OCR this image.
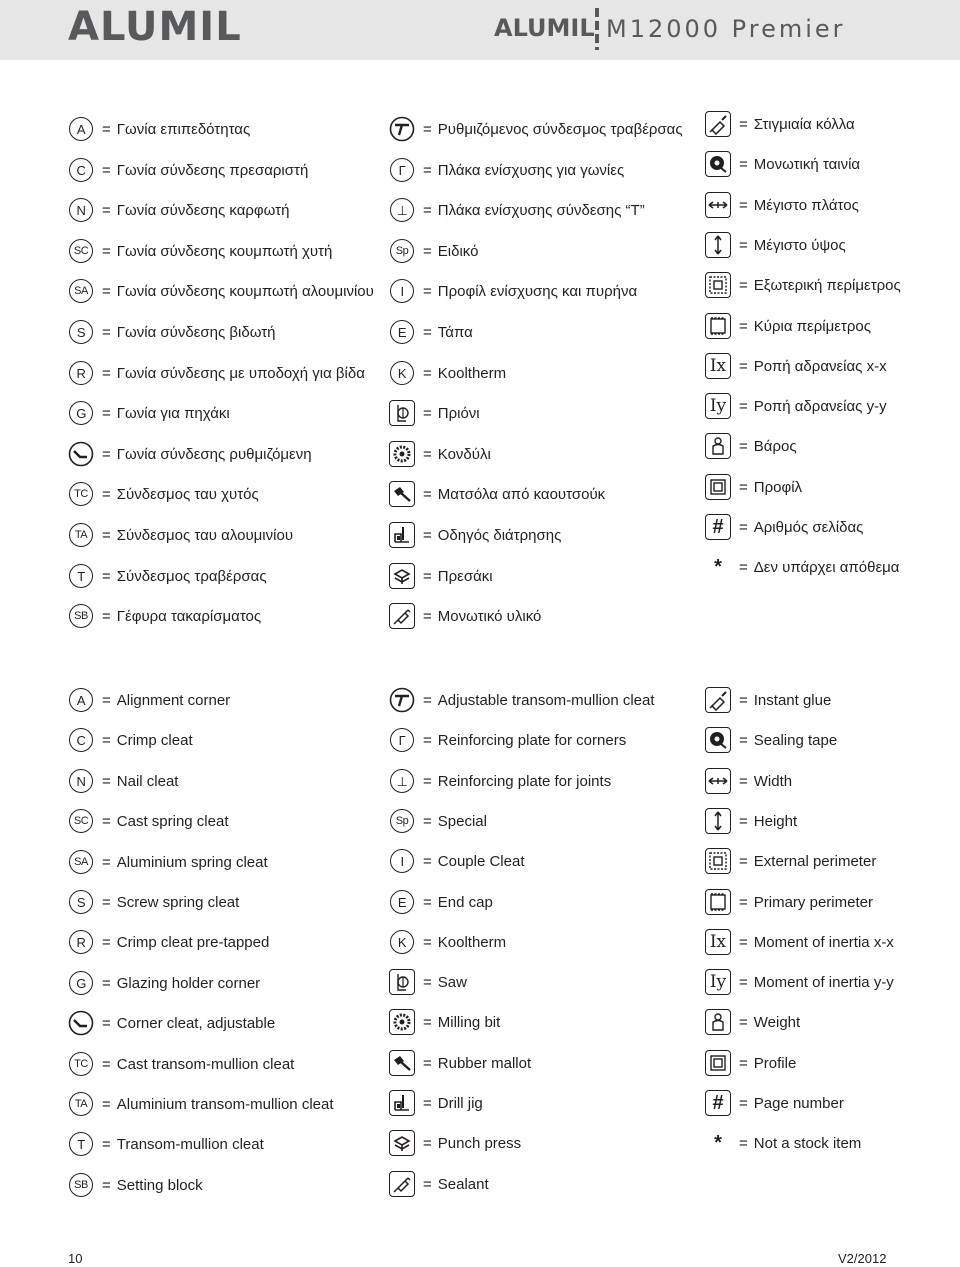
ALUMIL	ALUMIL M12000 Premier
A	= Γωνία επιπεδότητας
C	= Γωνία σύνδεσης πρεσαριστή
N	= Γωνία σύνδεσης καρφωτή
SC = Γωνία σύνδεσης κουμπωτή χυτή
SA = Γωνία σύνδεσης κουμπωτή αλουμινίου
S	= Γωνία σύνδεσης βιδωτή
R	= Γωνία σύνδεσης με υποδοχή για βίδα
G	= Γωνία για πηχάκι
= Γωνία σύνδεσης ρυθμιζόμενη
TC = Σύνδεσμος ταυ χυτός
TA = Σύνδεσμος ταυ αλουμινίου
T	= Σύνδεσμος τραβέρσας
SB = Γέφυρα τακαρίσματος
= Ρυθμιζόμενος σύνδεσμος τραβέρσας
Γ	= Πλάκα ενίσχυσης για γωνίες
⊥	= Πλάκα ενίσχυσης σύνδεσης “Τ”
Sp = Ειδικό
I	= Προφίλ ενίσχυσης και πυρήνα
E	= Τάπα
K	= Kooltherm
= Πριόνι
= Κονδύλι
= Ματσόλα από καουτσούκ
= Οδηγός διάτρησης
= Πρεσάκι
= Μονωτικό υλικό
= Στιγμιαία κόλλα
= Μονωτική ταινία
= Μέγιστο πλάτος
= Μέγιστο ύψος
= Εξωτερική περίμετρος
= Κύρια περίμετρος
Ix = Ροπή αδρανείας x-x
Iy = Ροπή αδρανείας y-y
= Βάρος
= Προφίλ
# = Αριθμός σελίδας
* = Δεν υπάρχει απόθεμα
A	= Alignment corner
C	= Crimp cleat
N	= Nail cleat
SC = Cast spring cleat
SA = Aluminium spring cleat
S	= Screw spring cleat
R	= Crimp cleat pre-tapped
G	= Glazing holder corner
= Corner cleat, adjustable
TC = Cast transom-mullion cleat
TA = Aluminium transom-mullion cleat
T	= Transom-mullion cleat
SB = Setting block
= Adjustable transom-mullion cleat
Γ	= Reinforcing plate for corners
⊥	= Reinforcing plate for joints
Sp = Special
I	= Couple Cleat
E	= End cap
K	= Kooltherm
= Saw
= Milling bit
= Rubber mallot
= Drill jig
= Punch press
= Sealant
= Instant glue
= Sealing tape
= Width
= Height
= External perimeter
= Primary perimeter
Ix = Moment of inertia x-x
Iy = Moment of inertia y-y
= Weight
= Profile
# = Page number
* = Not a stock item
10	V2/2012
